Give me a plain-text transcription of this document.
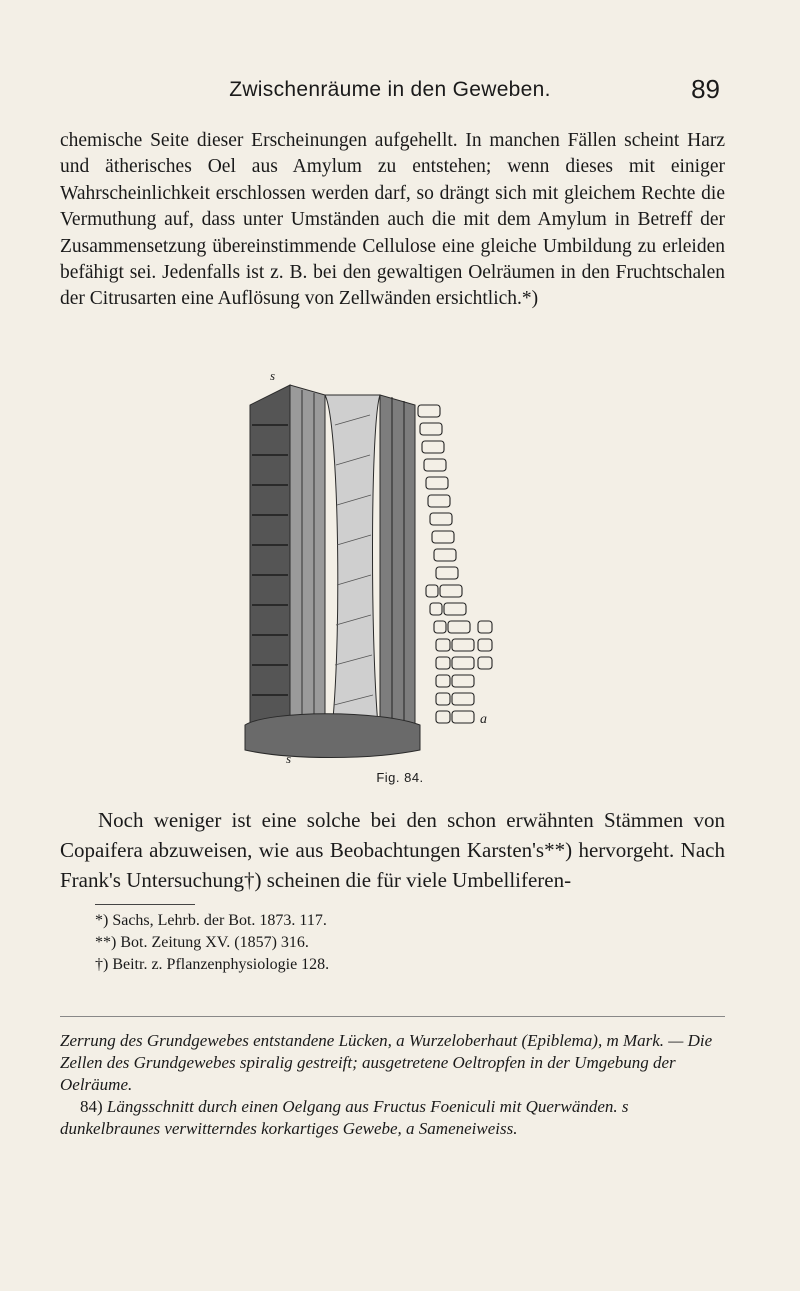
Zwischenräume in den Geweben.	89

chemische Seite dieser Erscheinungen aufgehellt. In manchen Fällen scheint Harz und ätherisches Oel aus Amylum zu entstehen; wenn dieses mit einiger Wahrscheinlichkeit erschlossen werden darf, so drängt sich mit gleichem Rechte die Vermuthung auf, dass unter Umständen auch die mit dem Amylum in Betreff der Zusammensetzung übereinstimmende Cellulose eine gleiche Umbildung zu erleiden befähigt sei. Jedenfalls ist z. B. bei den gewaltigen Oelräumen in den Fruchtschalen der Citrusarten eine Auflösung von Zellwänden ersichtlich.*)

s
s
a
Fig. 84.

Noch weniger ist eine solche bei den schon erwähnten Stämmen von Copaifera abzuweisen, wie aus Beobachtungen Karsten's**) hervorgeht. Nach Frank's Untersuchung†) scheinen die für viele Umbelliferen-

*) Sachs, Lehrb. der Bot. 1873. 117.
**) Bot. Zeitung XV. (1857) 316.
†) Beitr. z. Pflanzenphysiologie 128.

Zerrung des Grundgewebes entstandene Lücken, a Wurzeloberhaut (Epiblema), m Mark. — Die Zellen des Grundgewebes spiralig gestreift; ausgetretene Oeltropfen in der Umgebung der Oelräume.

84) Längsschnitt durch einen Oelgang aus Fructus Foeniculi mit Querwänden. s dunkelbraunes verwitterndes korkartiges Gewebe, a Sameneiweiss.
